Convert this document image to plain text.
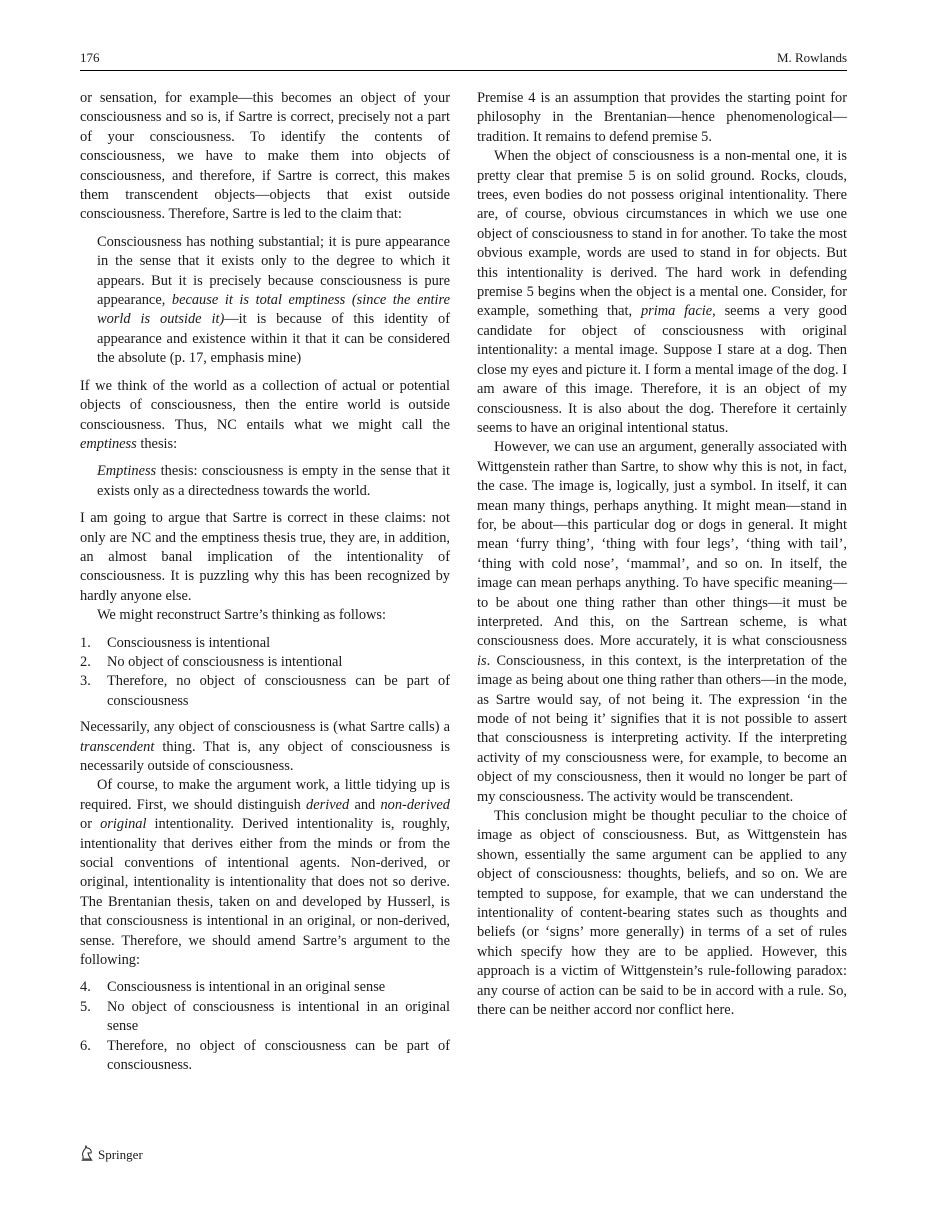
176	M. Rowlands

or sensation, for example—this becomes an object of your consciousness and so is, if Sartre is correct, precisely not a part of your consciousness. To identify the contents of consciousness, we have to make them into objects of consciousness, and therefore, if Sartre is correct, this makes them transcendent objects—objects that exist outside consciousness. Therefore, Sartre is led to the claim that:

Consciousness has nothing substantial; it is pure appearance in the sense that it exists only to the degree to which it appears. But it is precisely because consciousness is pure appearance, because it is total emptiness (since the entire world is outside it)—it is because of this identity of appearance and existence within it that it can be considered the absolute (p. 17, emphasis mine)

If we think of the world as a collection of actual or potential objects of consciousness, then the entire world is outside consciousness. Thus, NC entails what we might call the emptiness thesis:

Emptiness thesis: consciousness is empty in the sense that it exists only as a directedness towards the world.

I am going to argue that Sartre is correct in these claims: not only are NC and the emptiness thesis true, they are, in addition, an almost banal implication of the intentionality of consciousness. It is puzzling why this has been recognized by hardly anyone else.

We might reconstruct Sartre’s thinking as follows:

1. Consciousness is intentional
2. No object of consciousness is intentional
3. Therefore, no object of consciousness can be part of consciousness

Necessarily, any object of consciousness is (what Sartre calls) a transcendent thing. That is, any object of consciousness is necessarily outside of consciousness.

Of course, to make the argument work, a little tidying up is required. First, we should distinguish derived and non-derived or original intentionality. Derived intentionality is, roughly, intentionality that derives either from the minds or from the social conventions of intentional agents. Non-derived, or original, intentionality is intentionality that does not so derive. The Brentanian thesis, taken on and developed by Husserl, is that consciousness is intentional in an original, or non-derived, sense. Therefore, we should amend Sartre’s argument to the following:

4. Consciousness is intentional in an original sense
5. No object of consciousness is intentional in an original sense
6. Therefore, no object of consciousness can be part of consciousness.

Premise 4 is an assumption that provides the starting point for philosophy in the Brentanian—hence phenomenological—tradition. It remains to defend premise 5.

When the object of consciousness is a non-mental one, it is pretty clear that premise 5 is on solid ground. Rocks, clouds, trees, even bodies do not possess original intentionality. There are, of course, obvious circumstances in which we use one object of consciousness to stand in for another. To take the most obvious example, words are used to stand in for objects. But this intentionality is derived. The hard work in defending premise 5 begins when the object is a mental one. Consider, for example, something that, prima facie, seems a very good candidate for object of consciousness with original intentionality: a mental image. Suppose I stare at a dog. Then close my eyes and picture it. I form a mental image of the dog. I am aware of this image. Therefore, it is an object of my consciousness. It is also about the dog. Therefore it certainly seems to have an original intentional status.

However, we can use an argument, generally associated with Wittgenstein rather than Sartre, to show why this is not, in fact, the case. The image is, logically, just a symbol. In itself, it can mean many things, perhaps anything. It might mean—stand in for, be about—this particular dog or dogs in general. It might mean ‘furry thing’, ‘thing with four legs’, ‘thing with tail’, ‘thing with cold nose’, ‘mammal’, and so on. In itself, the image can mean perhaps anything. To have specific meaning—to be about one thing rather than other things—it must be interpreted. And this, on the Sartrean scheme, is what consciousness does. More accurately, it is what consciousness is. Consciousness, in this context, is the interpretation of the image as being about one thing rather than others—in the mode, as Sartre would say, of not being it. The expression ‘in the mode of not being it’ signifies that it is not possible to assert that consciousness is interpreting activity. If the interpreting activity of my consciousness were, for example, to become an object of my consciousness, then it would no longer be part of my consciousness. The activity would be transcendent.

This conclusion might be thought peculiar to the choice of image as object of consciousness. But, as Wittgenstein has shown, essentially the same argument can be applied to any object of consciousness: thoughts, beliefs, and so on. We are tempted to suppose, for example, that we can understand the intentionality of content-bearing states such as thoughts and beliefs (or ‘signs’ more generally) in terms of a set of rules which specify how they are to be applied. However, this approach is a victim of Wittgenstein’s rule-following paradox: any course of action can be said to be in accord with a rule. So, there can be neither accord nor conflict here.

Springer
